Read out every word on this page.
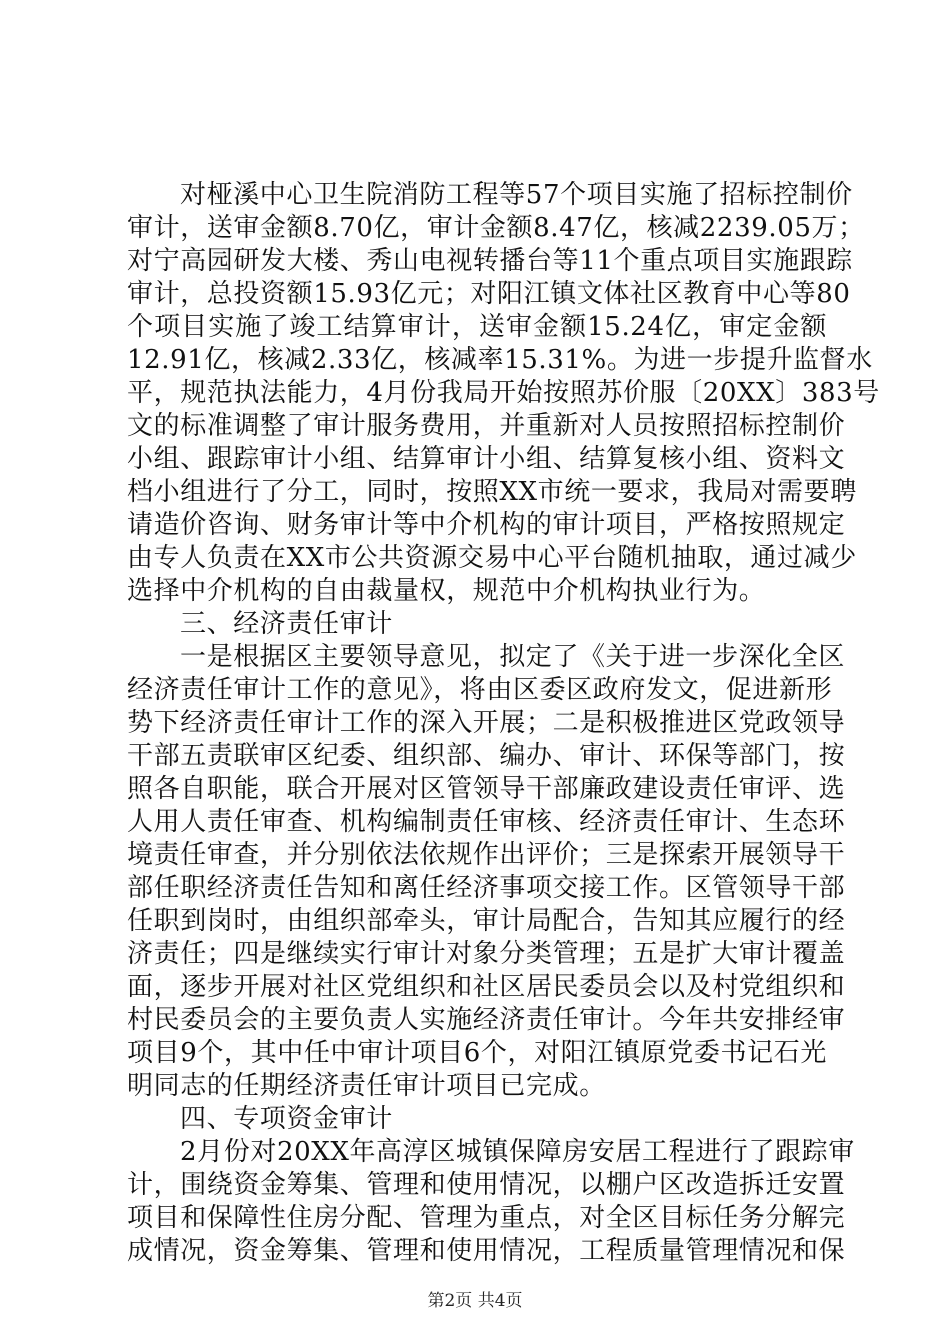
对桠溪中心卫生院消防工程等57个项目实施了招标控制价
审计，送审金额8.70亿，审计金额8.47亿，核减2239.05万；
对宁高园研发大楼、秀山电视转播台等11个重点项目实施跟踪
审计，总投资额15.93亿元；对阳江镇文体社区教育中心等80
个项目实施了竣工结算审计，送审金额15.24亿，审定金额
12.91亿，核减2.33亿，核减率15.31%。为进一步提升监督水
平，规范执法能力，4月份我局开始按照苏价服〔20XX〕383号
文的标准调整了审计服务费用，并重新对人员按照招标控制价
小组、跟踪审计小组、结算审计小组、结算复核小组、资料文
档小组进行了分工，同时，按照XX市统一要求，我局对需要聘
请造价咨询、财务审计等中介机构的审计项目，严格按照规定
由专人负责在XX市公共资源交易中心平台随机抽取，通过减少
选择中介机构的自由裁量权，规范中介机构执业行为。
三、经济责任审计
一是根据区主要领导意见，拟定了《关于进一步深化全区
经济责任审计工作的意见》，将由区委区政府发文，促进新形
势下经济责任审计工作的深入开展；二是积极推进区党政领导
干部五责联审区纪委、组织部、编办、审计、环保等部门，按
照各自职能，联合开展对区管领导干部廉政建设责任审评、选
人用人责任审查、机构编制责任审核、经济责任审计、生态环
境责任审查，并分别依法依规作出评价；三是探索开展领导干
部任职经济责任告知和离任经济事项交接工作。区管领导干部
任职到岗时，由组织部牵头，审计局配合，告知其应履行的经
济责任；四是继续实行审计对象分类管理；五是扩大审计覆盖
面，逐步开展对社区党组织和社区居民委员会以及村党组织和
村民委员会的主要负责人实施经济责任审计。今年共安排经审
项目9个，其中任中审计项目6个，对阳江镇原党委书记石光
明同志的任期经济责任审计项目已完成。
四、专项资金审计
2月份对20XX年高淳区城镇保障房安居工程进行了跟踪审
计，围绕资金筹集、管理和使用情况，以棚户区改造拆迁安置
项目和保障性住房分配、管理为重点，对全区目标任务分解完
第2页 共4页
成情况，资金筹集、管理和使用情况，工程质量管理情况和保
